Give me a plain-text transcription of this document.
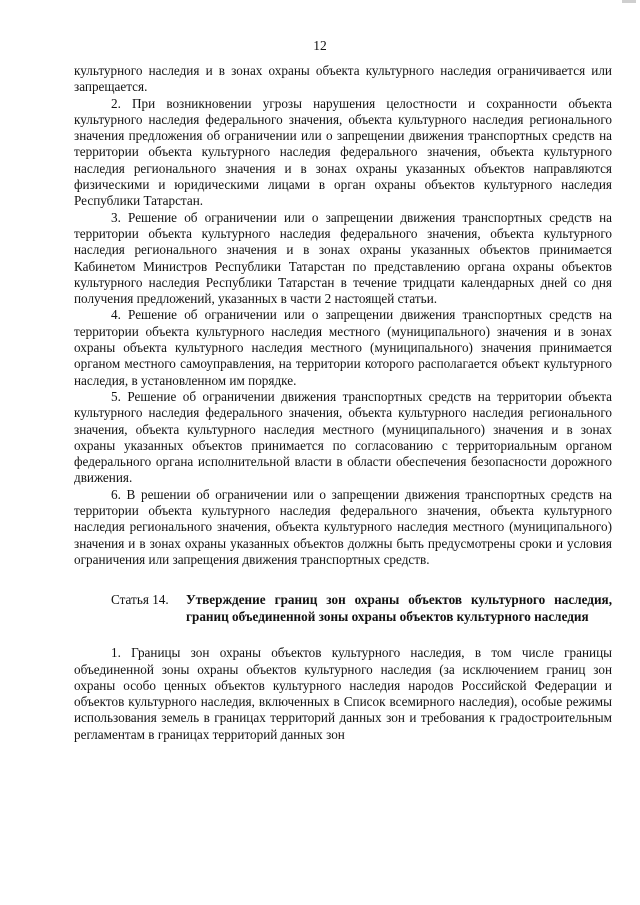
12

культурного наследия и в зонах охраны объекта культурного наследия ограничивается или запрещается.

2. При возникновении угрозы нарушения целостности и сохранности объекта культурного наследия федерального значения, объекта культурного наследия регионального значения предложения об ограничении или о запрещении движения транспортных средств на территории объекта культурного наследия федерального значения, объекта культурного наследия регионального значения и в зонах охраны указанных объектов направляются физическими и юридическими лицами в орган охраны объектов культурного наследия Республики Татарстан.

3. Решение об ограничении или о запрещении движения транспортных средств на территории объекта культурного наследия федерального значения, объекта культурного наследия регионального значения и в зонах охраны указанных объектов принимается Кабинетом Министров Республики Татарстан по представлению органа охраны объектов культурного наследия Республики Татарстан в течение тридцати календарных дней со дня получения предложений, указанных в части 2 настоящей статьи.

4. Решение об ограничении или о запрещении движения транспортных средств на территории объекта культурного наследия местного (муниципального) значения и в зонах охраны объекта культурного наследия местного (муниципального) значения принимается органом местного самоуправления, на территории которого располагается объект культурного наследия, в установленном им порядке.

5. Решение об ограничении движения транспортных средств на территории объекта культурного наследия федерального значения, объекта культурного наследия регионального значения, объекта культурного наследия местного (муниципального) значения и в зонах охраны указанных объектов принимается по согласованию с территориальным органом федерального органа исполнительной власти в области обеспечения безопасности дорожного движения.

6. В решении об ограничении или о запрещении движения транспортных средств на территории объекта культурного наследия федерального значения, объекта культурного наследия регионального значения, объекта культурного наследия местного (муниципального) значения и в зонах охраны указанных объектов должны быть предусмотрены сроки и условия ограничения или запрещения движения транспортных средств.

Статья 14.	Утверждение границ зон охраны объектов культурного наследия, границ объединенной зоны охраны объектов культурного наследия

1. Границы зон охраны объектов культурного наследия, в том числе границы объединенной зоны охраны объектов культурного наследия (за исключением границ зон охраны особо ценных объектов культурного наследия народов Российской Федерации и объектов культурного наследия, включенных в Список всемирного наследия), особые режимы использования земель в границах территорий данных зон и требования к градостроительным регламентам в границах территорий данных зон
